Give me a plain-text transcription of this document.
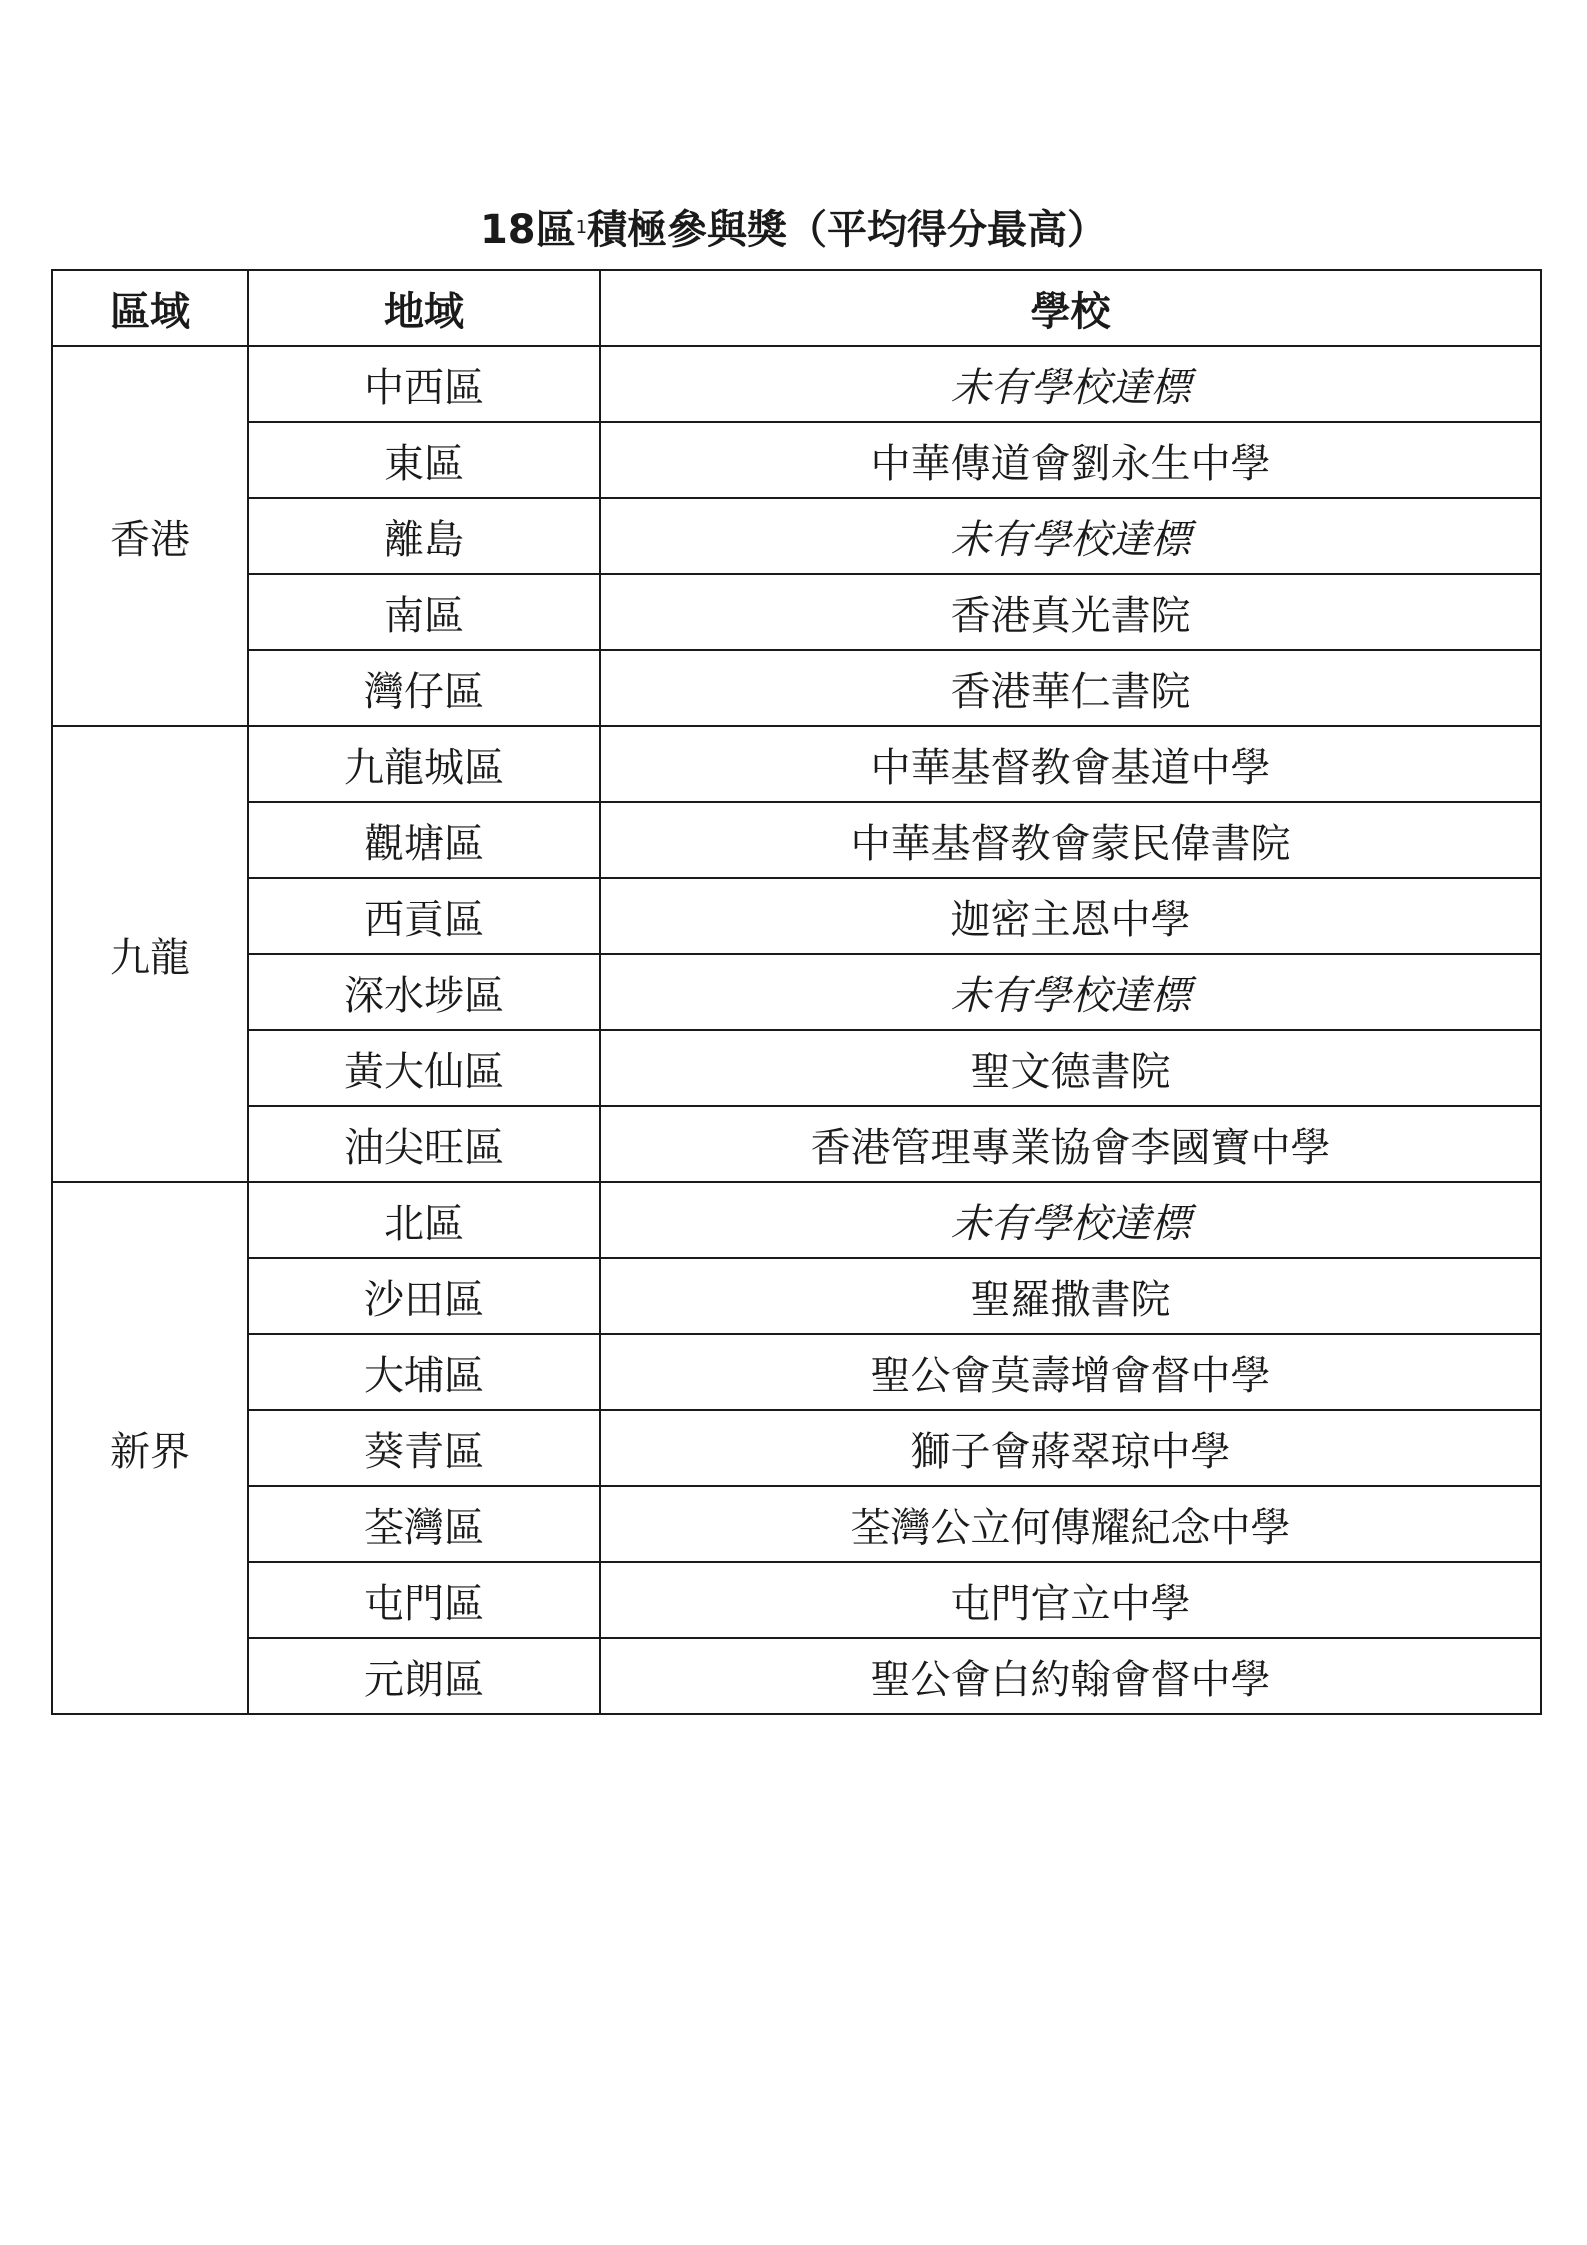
18區$^1$積極參與獎（平均得分最高）
區域	地域	學校
香港	中西區	未有學校達標
	東區	中華傳道會劉永生中學
	離島	未有學校達標
	南區	香港真光書院
	灣仔區	香港華仁書院
九龍	九龍城區	中華基督教會基道中學
	觀塘區	中華基督教會蒙民偉書院
	西貢區	迦密主恩中學
	深水埗區	未有學校達標
	黃大仙區	聖文德書院
	油尖旺區	香港管理專業協會李國寶中學
新界	北區	未有學校達標
	沙田區	聖羅撒書院
	大埔區	聖公會莫壽增會督中學
	葵青區	獅子會蔣翠琼中學
	荃灣區	荃灣公立何傳耀紀念中學
	屯門區	屯門官立中學
	元朗區	聖公會白約翰會督中學
